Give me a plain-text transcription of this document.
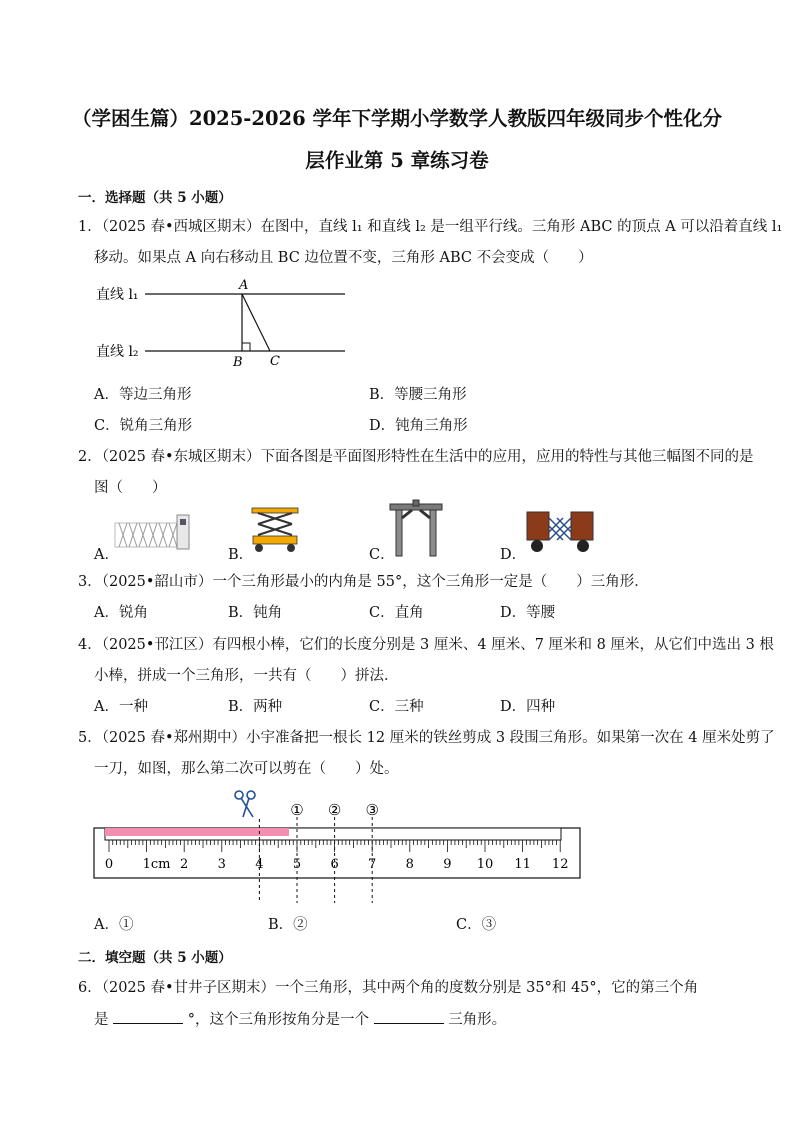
（学困生篇）2025-2026 学年下学期小学数学人教版四年级同步个性化分
层作业第 5 章练习卷
一．选择题（共 5 小题）
1．（2025 春•西城区期末）在图中，直线 l₁ 和直线 l₂ 是一组平行线。三角形 ABC 的顶点 A 可以沿着直线 l₁
移动。如果点 A 向右移动且 BC 边位置不变，三角形 ABC 不会变成（　　）
直线 l₁
直线 l₂
A
B C
A．等边三角形	B．等腰三角形
C．锐角三角形	D．钝角三角形
2．（2025 春•东城区期末）下面各图是平面图形特性在生活中的应用，应用的特性与其他三幅图不同的是
图（　　）
A．	B．	C．	D．
3．（2025•韶山市）一个三角形最小的内角是 55°，这个三角形一定是（　　）三角形．
A．锐角	B．钝角	C．直角	D．等腰
4．（2025•邗江区）有四根小棒，它们的长度分别是 3 厘米、4 厘米、7 厘米和 8 厘米，从它们中选出 3 根
小棒，拼成一个三角形，一共有（　　）拼法．
A．一种	B．两种	C．三种	D．四种
5．（2025 春•郑州期中）小宇准备把一根长 12 厘米的铁丝剪成 3 段围三角形。如果第一次在 4 厘米处剪了
一刀，如图，那么第二次可以剪在（　　）处。
0 1cm 2 3 4 5 6 7 8 9 10 11 12
① ② ③
A．①	B．②	C．③
二．填空题（共 5 小题）
6．（2025 春•甘井子区期末）一个三角形，其中两个角的度数分别是 35°和 45°，它的第三个角
是	°，这个三角形按角分是一个	三角形。
